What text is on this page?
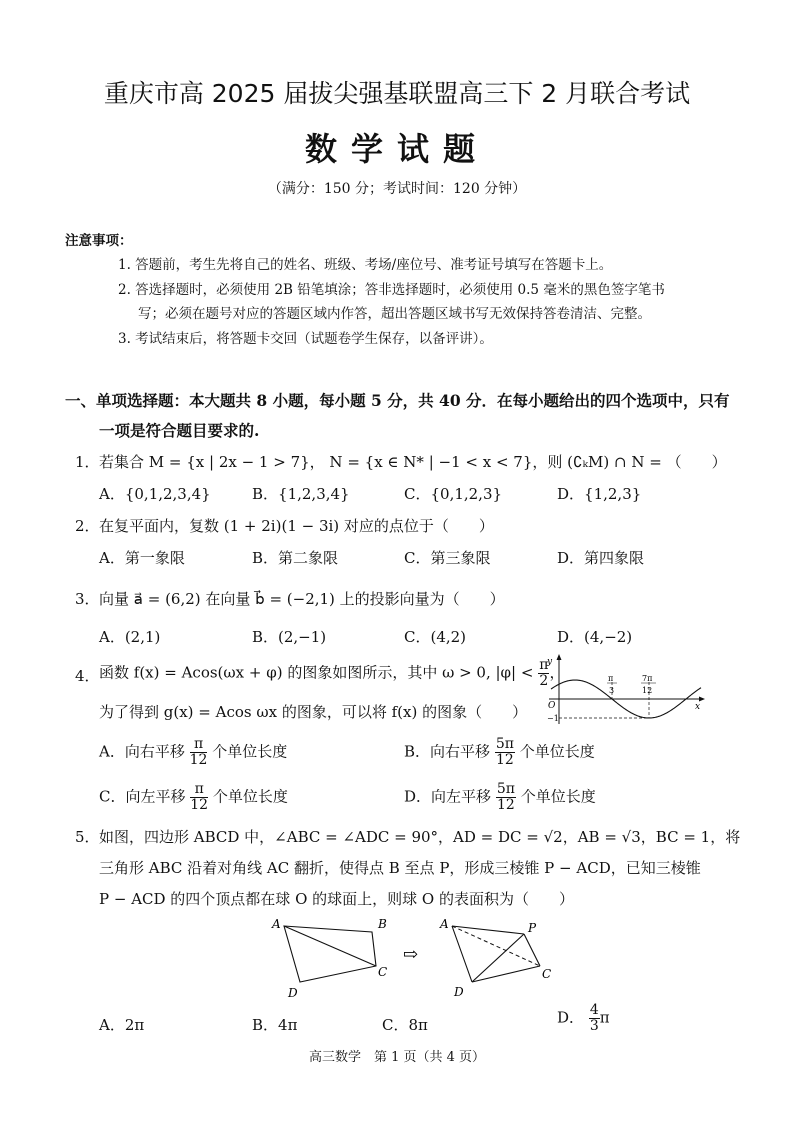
重庆市高 2025 届拔尖强基联盟高三下 2 月联合考试
数学试题
（满分：150 分；考试时间：120 分钟）
注意事项：
1. 答题前，考生先将自己的姓名、班级、考场/座位号、准考证号填写在答题卡上。
2. 答选择题时，必须使用 2B 铅笔填涂；答非选择题时，必须使用 0.5 毫米的黑色签字笔书
写；必须在题号对应的答题区域内作答，超出答题区域书写无效保持答卷清洁、完整。
3. 考试结束后，将答题卡交回（试题卷学生保存，以备评讲）。
一、单项选择题：本大题共 8 小题，每小题 5 分，共 40 分．在每小题给出的四个选项中，只有
一项是符合题目要求的.
1． 若集合 M = {x | 2x − 1 > 7}， N = {x ∈ N* | −1 < x < 7}，则 (∁ₖM) ∩ N = （　　）
A．{0,1,2,3,4}	B．{1,2,3,4}	C．{0,1,2,3}	D．{1,2,3}
2． 在复平面内，复数 (1 + 2i)(1 − 3i) 对应的点位于（　　）
A．第一象限	B．第二象限	C．第三象限	D．第四象限
3． 向量 a⃗ = (6,2) 在向量 b⃗ = (−2,1) 上的投影向量为（　　）
A．(2,1)	B．(2,−1)	C．(4,2)	D．(4,−2)
4． 函数 f(x) = Acos(ωx + φ) 的图象如图所示，其中 ω > 0, $|\varphi| < \frac{\pi}{2}$ ，
为了得到 g(x) = Acos ωx 的图象，可以将 f(x) 的图象（　　）
y
x
O
−1
π
3
7π
12
A．向右平移 $\frac{\pi}{12}$ 个单位长度	B．向右平移 $\frac{5\pi}{12}$ 个单位长度
C．向左平移 $\frac{\pi}{12}$ 个单位长度	D．向左平移 $\frac{5\pi}{12}$ 个单位长度
5． 如图，四边形 ABCD 中，∠ABC = ∠ADC = 90°，AD = DC = √2，AB = √3，BC = 1，将
三角形 ABC 沿着对角线 AC 翻折，使得点 B 至点 P，形成三棱锥 P − ACD，已知三棱锥
P − ACD 的四个顶点都在球 O 的球面上，则球 O 的表面积为（　　）
A	B
C
D
⇨
A	P
C
D
A．2π	B．4π	C．8π	D． $\frac{4}{3}$ π
高三数学　第 1 页（共 4 页）
